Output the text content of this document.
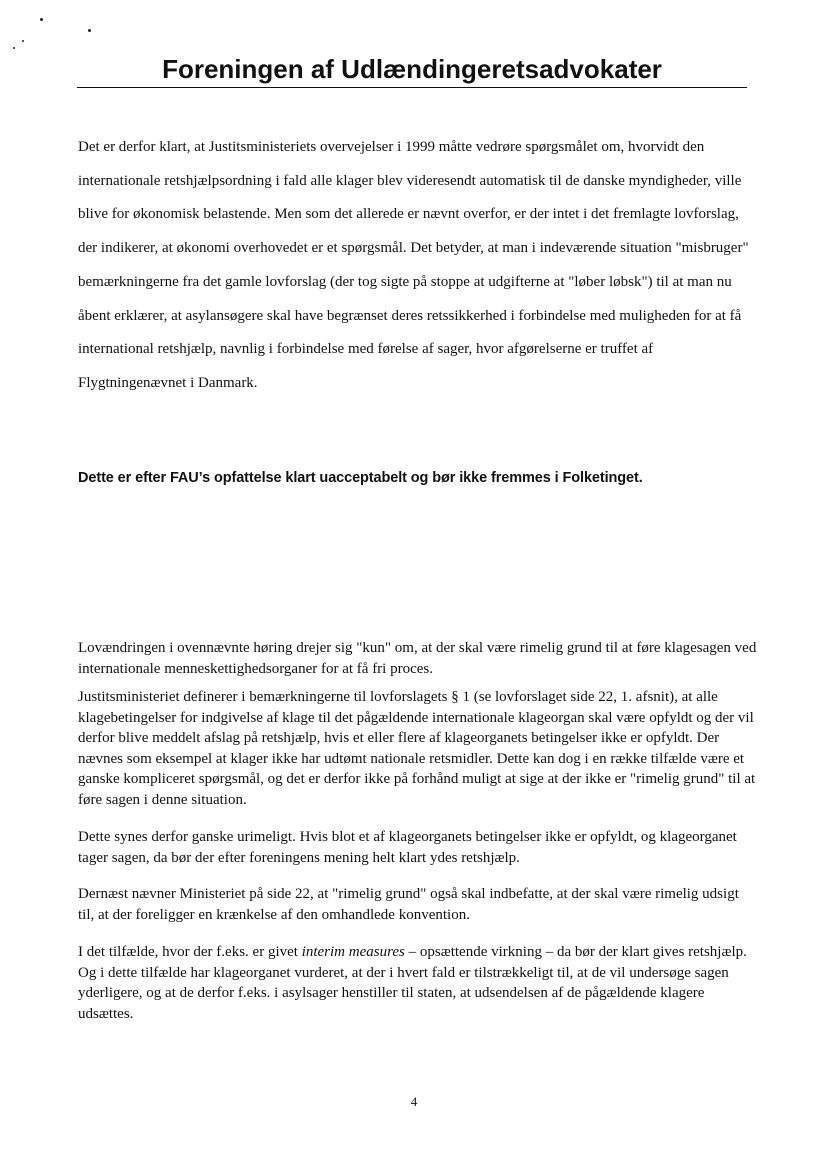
Foreningen af Udlændingeretsadvokater

Det er derfor klart, at Justitsministeriets overvejelser i 1999 måtte vedrøre spørgsmålet om, hvorvidt den internationale retshjælpsordning i fald alle klager blev videresendt automatisk til de danske myndigheder, ville blive for økonomisk belastende. Men som det allerede er nævnt overfor, er der intet i det fremlagte lovforslag, der indikerer, at økonomi overhovedet er et spørgsmål. Det betyder, at man i indeværende situation "misbruger" bemærkningerne fra det gamle lovforslag (der tog sigte på stoppe at udgifterne at "løber løbsk") til at man nu åbent erklærer, at asylansøgere skal have begrænset deres retssikkerhed i forbindelse med muligheden for at få international retshjælp, navnlig i forbindelse med førelse af sager, hvor afgørelserne er truffet af Flygtningenævnet i Danmark.

Dette er efter FAU’s opfattelse klart uacceptabelt og bør ikke fremmes i Folketinget.

Lovændringen i ovennævnte høring drejer sig "kun" om, at der skal være rimelig grund til at føre klagesagen ved internationale menneskettighedsorganer for at få fri proces.

Justitsministeriet definerer i bemærkningerne til lovforslagets § 1 (se lovforslaget side 22, 1. afsnit), at alle klagebetingelser for indgivelse af klage til det pågældende internationale klageorgan skal være opfyldt og der vil derfor blive meddelt afslag på retshjælp, hvis et eller flere af klageorganets betingelser ikke er opfyldt. Der nævnes som eksempel at klager ikke har udtømt nationale retsmidler. Dette kan dog i en række tilfælde være et ganske kompliceret spørgsmål, og det er derfor ikke på forhånd muligt at sige at der ikke er "rimelig grund" til at føre sagen i denne situation.

Dette synes derfor ganske urimeligt. Hvis blot et af klageorganets betingelser ikke er opfyldt, og klageorganet tager sagen, da bør der efter foreningens mening helt klart ydes retshjælp.

Dernæst nævner Ministeriet på side 22, at "rimelig grund" også skal indbefatte, at der skal være rimelig udsigt til, at der foreligger en krænkelse af den omhandlede konvention.

I det tilfælde, hvor der f.eks. er givet interim measures – opsættende virkning – da bør der klart gives retshjælp. Og i dette tilfælde har klageorganet vurderet, at der i hvert fald er tilstrækkeligt til, at de vil undersøge sagen yderligere, og at de derfor f.eks. i asylsager henstiller til staten, at udsendelsen af de pågældende klagere udsættes.

4
